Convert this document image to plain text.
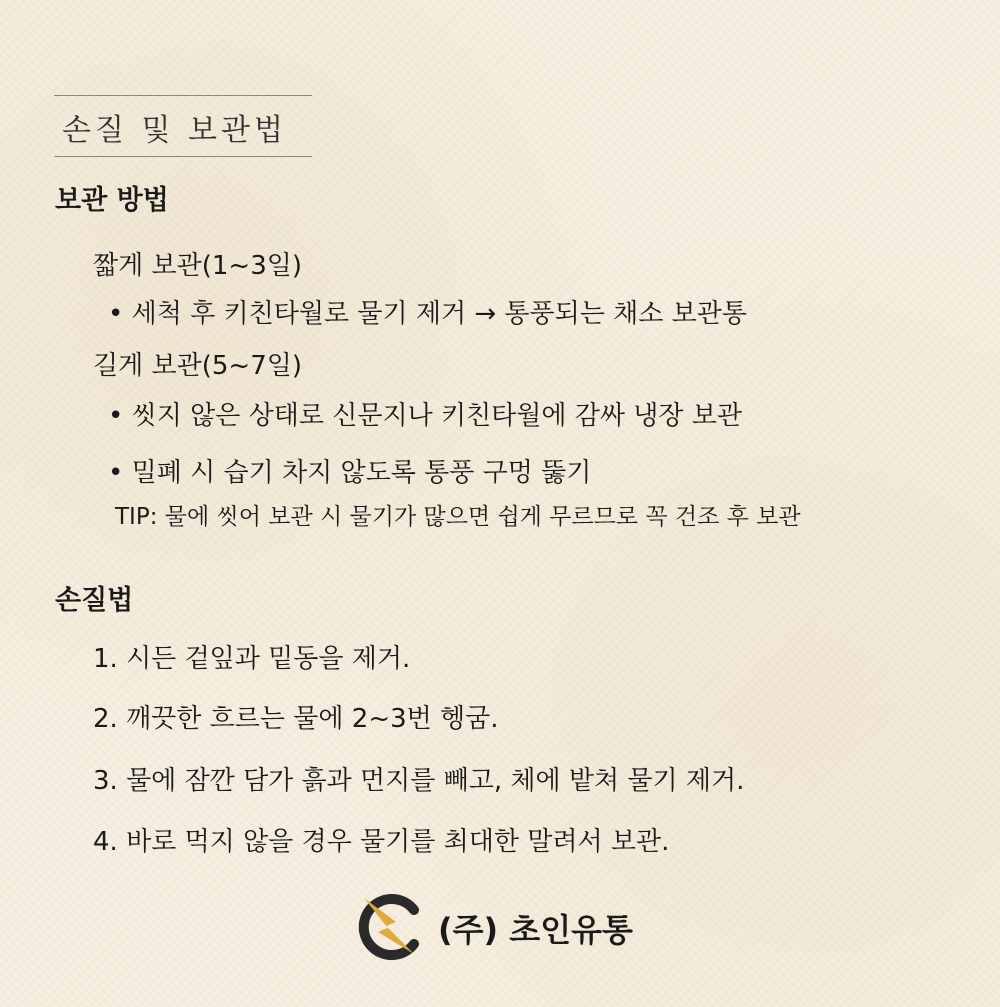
손질 및 보관법
보관 방법
짧게 보관(1~3일)
• 세척 후 키친타월로 물기 제거 → 통풍되는 채소 보관통
길게 보관(5~7일)
• 씻지 않은 상태로 신문지나 키친타월에 감싸 냉장 보관
• 밀폐 시 습기 차지 않도록 통풍 구멍 뚫기
TIP: 물에 씻어 보관 시 물기가 많으면 쉽게 무르므로 꼭 건조 후 보관
손질법
1. 시든 겉잎과 밑동을 제거.
2. 깨끗한 흐르는 물에 2~3번 헹굼.
3. 물에 잠깐 담가 흙과 먼지를 빼고, 체에 밭쳐 물기 제거.
4. 바로 먹지 않을 경우 물기를 최대한 말려서 보관.
(주) 초인유통
